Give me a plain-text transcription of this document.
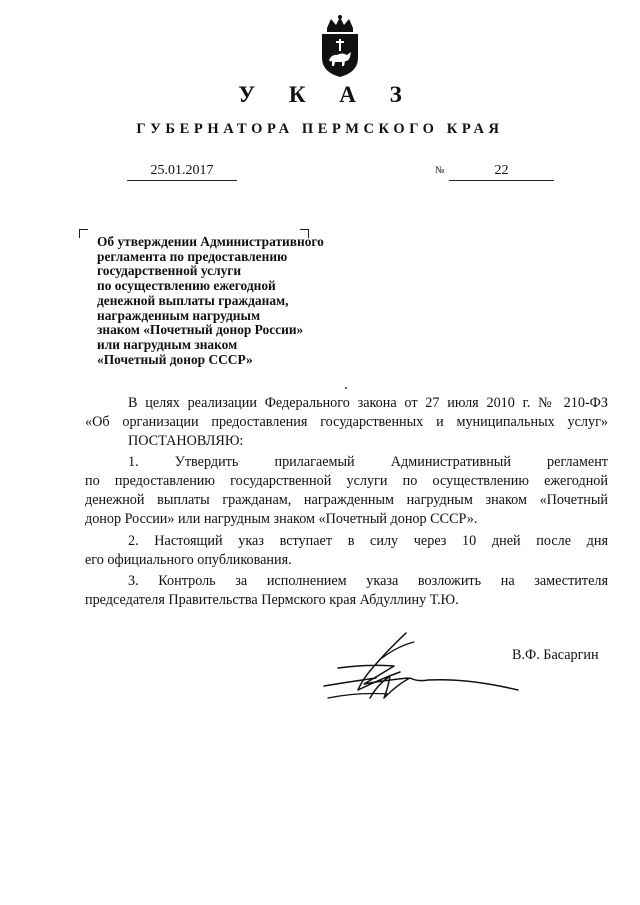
У К А З
ГУБЕРНАТОРА ПЕРМСКОГО КРАЯ
25.01.2017	№	22
Об утверждении Административного
регламента по предоставлению
государственной услуги
по осуществлению ежегодной
денежной выплаты гражданам,
награжденным нагрудным
знаком «Почетный донор России»
или нагрудным знаком
«Почетный донор СССР»
В целях реализации Федерального закона от 27 июля 2010 г. № 210-ФЗ
«Об организации предоставления государственных и муниципальных услуг»
ПОСТАНОВЛЯЮ:
1. Утвердить прилагаемый Административный регламент
по предоставлению государственной услуги по осуществлению ежегодной
денежной выплаты гражданам, награжденным нагрудным знаком «Почетный
донор России» или нагрудным знаком «Почетный донор СССР».
2. Настоящий указ вступает в силу через 10 дней после дня
его официального опубликования.
3. Контроль за исполнением указа возложить на заместителя
председателя Правительства Пермского края Абдуллину Т.Ю.
В.Ф. Басаргин
